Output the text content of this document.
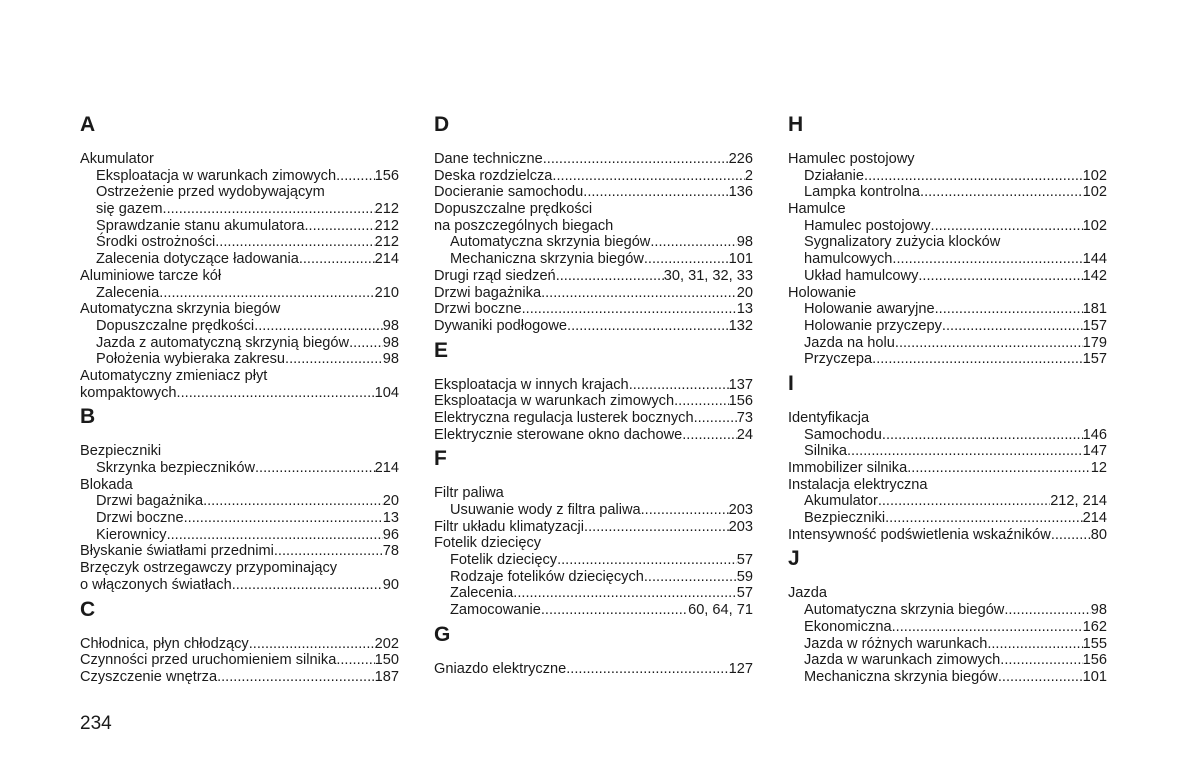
A
Akumulator
Eksploatacja w warunkach zimowych .....	156
Ostrzeżenie przed wydobywającym
się gazem .....	212
Sprawdzanie stanu akumulatora .....	212
Środki ostrożności .....	212
Zalecenia dotyczące ładowania .....	214
Aluminiowe tarcze kół
Zalecenia .....	210
Automatyczna skrzynia biegów
Dopuszczalne prędkości .....	98
Jazda z automatyczną skrzynią biegów ..... 98
Położenia wybieraka zakresu .....	98
Automatyczny zmieniacz płyt
kompaktowych .....	104
B
Bezpieczniki
Skrzynka bezpieczników .....	214
Blokada
Drzwi bagażnika .....	20
Drzwi boczne .....	13
Kierownicy .....	96
Błyskanie światłami przednimi .....	78
Brzęczyk ostrzegawczy przypominający
o włączonych światłach .....	90
C
Chłodnica, płyn chłodzący .....	202
Czynności przed uruchomieniem silnika .....	150
Czyszczenie wnętrza .....	187
D
Dane techniczne .....	226
Deska rozdzielcza .....	2
Docieranie samochodu .....	136
Dopuszczalne prędkości
na poszczególnych biegach
Automatyczna skrzynia biegów .....	98
Mechaniczna skrzynia biegów .....	101
Drugi rząd siedzeń .....	30, 31, 32, 33
Drzwi bagażnika .....	20
Drzwi boczne .....	13
Dywaniki podłogowe .....	132
E
Eksploatacja w innych krajach .....	137
Eksploatacja w warunkach zimowych .....	156
Elektryczna regulacja lusterek bocznych .....	73
Elektrycznie sterowane okno dachowe .....	24
F
Filtr paliwa
Usuwanie wody z filtra paliwa .....	203
Filtr układu klimatyzacji .....	203
Fotelik dziecięcy
Fotelik dziecięcy .....	57
Rodzaje fotelików dziecięcych .....	59
Zalecenia .....	57
Zamocowanie .....	60, 64, 71
G
Gniazdo elektryczne .....	127
H
Hamulec postojowy
Działanie .....	102
Lampka kontrolna .....	102
Hamulce
Hamulec postojowy .....	102
Sygnalizatory zużycia klocków
hamulcowych .....	144
Układ hamulcowy .....	142
Holowanie
Holowanie awaryjne .....	181
Holowanie przyczepy .....	157
Jazda na holu .....	179
Przyczepa .....	157
I
Identyfikacja
Samochodu .....	146
Silnika .....	147
Immobilizer silnika .....	12
Instalacja elektryczna
Akumulator .....	212, 214
Bezpieczniki .....	214
Intensywność podświetlenia wskaźników .....	80
J
Jazda
Automatyczna skrzynia biegów .....	98
Ekonomiczna .....	162
Jazda w różnych warunkach .....	155
Jazda w warunkach zimowych .....	156
Mechaniczna skrzynia biegów .....	101
234
